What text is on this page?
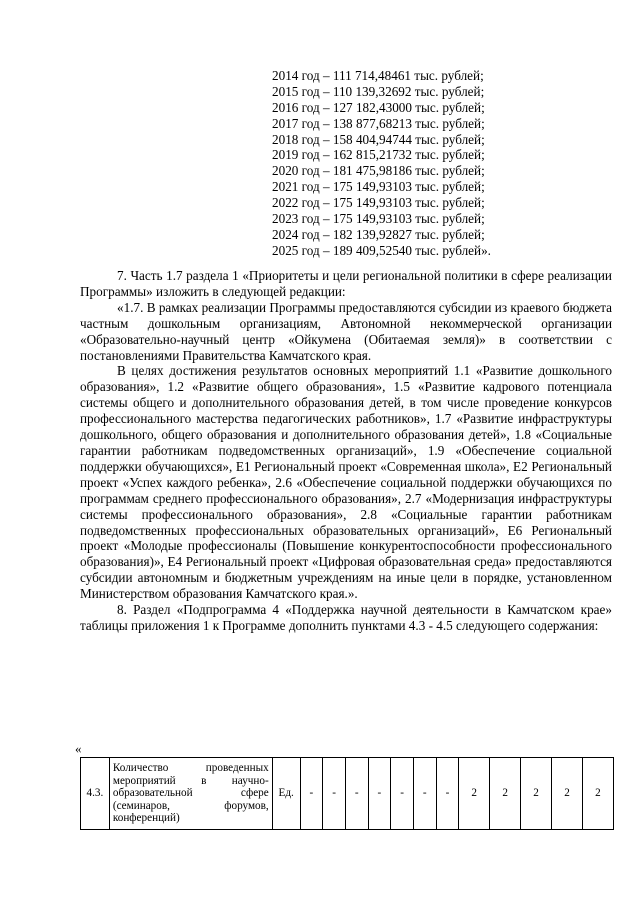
2014 год – 111 714,48461 тыс. рублей;
2015 год – 110 139,32692 тыс. рублей;
2016 год – 127 182,43000 тыс. рублей;
2017 год – 138 877,68213 тыс. рублей;
2018 год – 158 404,94744 тыс. рублей;
2019 год – 162 815,21732 тыс. рублей;
2020 год – 181 475,98186 тыс. рублей;
2021 год – 175 149,93103 тыс. рублей;
2022 год – 175 149,93103 тыс. рублей;
2023 год – 175 149,93103 тыс. рублей;
2024 год – 182 139,92827 тыс. рублей;
2025 год – 189 409,52540 тыс. рублей».

7. Часть 1.7 раздела 1 «Приоритеты и цели региональной политики в сфере реализации Программы» изложить в следующей редакции:

«1.7. В рамках реализации Программы предоставляются субсидии из краевого бюджета частным дошкольным организациям, Автономной некоммерческой организации «Образовательно-научный центр «Ойкумена (Обитаемая земля)» в соответствии с постановлениями Правительства Камчатского края.

В целях достижения результатов основных мероприятий 1.1 «Развитие дошкольного образования», 1.2 «Развитие общего образования», 1.5 «Развитие кадрового потенциала системы общего и дополнительного образования детей, в том числе проведение конкурсов профессионального мастерства педагогических работников», 1.7 «Развитие инфраструктуры дошкольного, общего образования и дополнительного образования детей», 1.8 «Социальные гарантии работникам подведомственных организаций», 1.9 «Обеспечение социальной поддержки обучающихся», Е1 Региональный проект «Современная школа», Е2 Региональный проект «Успех каждого ребенка», 2.6 «Обеспечение социальной поддержки обучающихся по программам среднего профессионального образования», 2.7 «Модернизация инфраструктуры системы профессионального образования», 2.8 «Социальные гарантии работникам подведомственных профессиональных образовательных организаций», Е6 Региональный проект «Молодые профессионалы (Повышение конкурентоспособности профессионального образования)», Е4 Региональный проект «Цифровая образовательная среда» предоставляются субсидии автономным и бюджетным учреждениям на иные цели в порядке, установленном Министерством образования Камчатского края.».

8. Раздел «Подпрограмма 4 «Поддержка научной деятельности в Камчатском крае» таблицы приложения 1 к Программе дополнить пунктами 4.3 - 4.5 следующего содержания:

«
4.3.	Количество проведенных мероприятий в научно-образовательной сфере (семинаров, форумов, конференций)	Ед.	-	-	-	-	-	-	-	2	2	2	2	2
